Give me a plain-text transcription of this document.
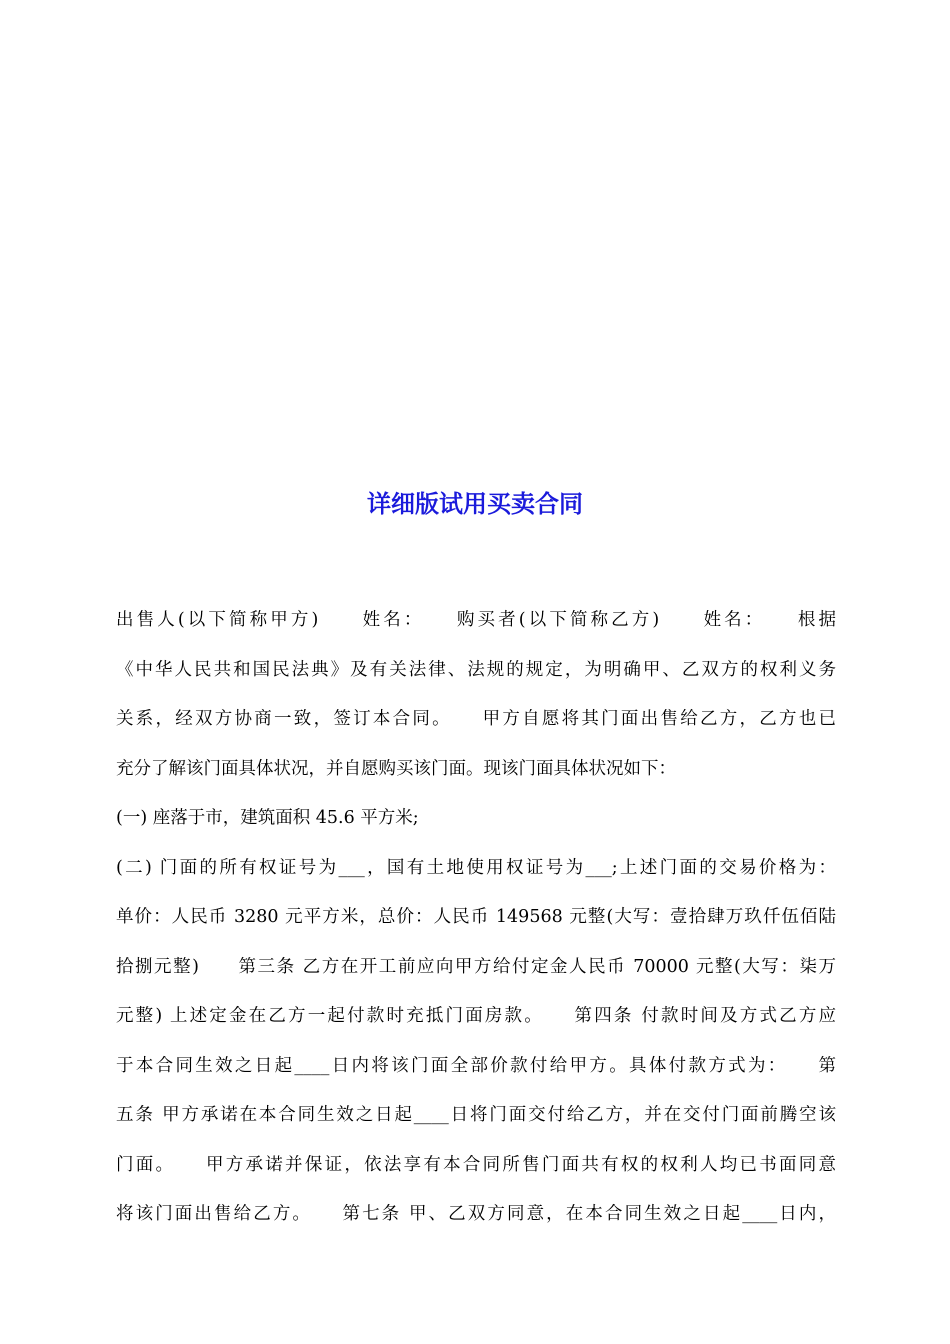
详细版试用买卖合同
出售人(以下简称甲方)　　姓名：　　购买者(以下简称乙方)　　姓名：　　根据
《中华人民共和国民法典》及有关法律、法规的规定，为明确甲、乙双方的权利义务
关系，经双方协商一致，签订本合同。　　甲方自愿将其门面出售给乙方，乙方也已
充分了解该门面具体状况，并自愿购买该门面。现该门面具体状况如下：
(一) 座落于市，建筑面积 45.6 平方米;
(二) 门面的所有权证号为___，国有土地使用权证号为___;上述门面的交易价格为：
单价：人民币 3280 元平方米，总价：人民币 149568 元整(大写：壹拾肆万玖仟伍佰陆
拾捌元整)　　第三条 乙方在开工前应向甲方给付定金人民币 70000 元整(大写：柒万
元整) 上述定金在乙方一起付款时充抵门面房款。　　第四条 付款时间及方式乙方应
于本合同生效之日起____日内将该门面全部价款付给甲方。具体付款方式为：　　第
五条 甲方承诺在本合同生效之日起____日将门面交付给乙方，并在交付门面前腾空该
门面。　　甲方承诺并保证，依法享有本合同所售门面共有权的权利人均已书面同意
将该门面出售给乙方。　　第七条 甲、乙双方同意，在本合同生效之日起____日内，
